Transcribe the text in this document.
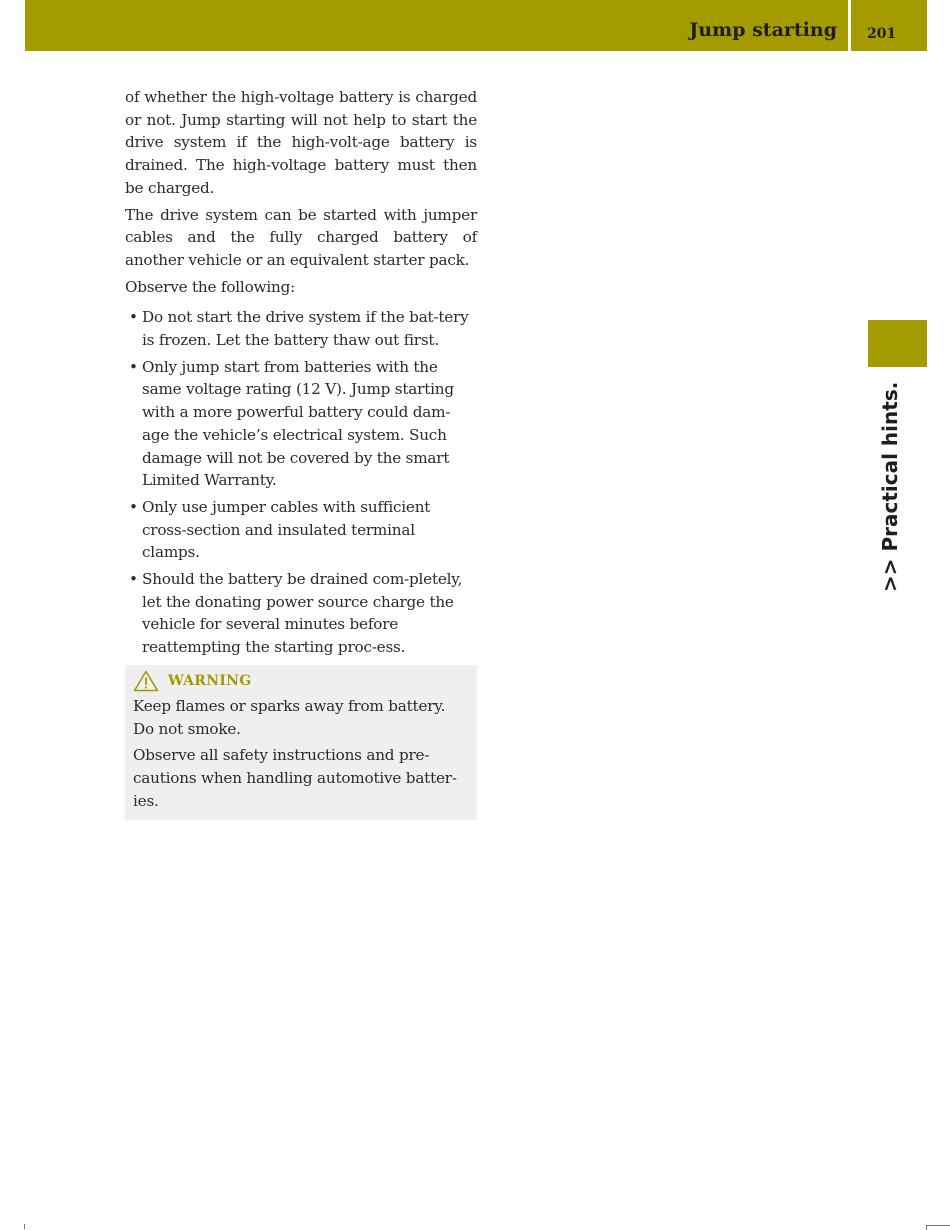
Jump starting 201
>> Practical hints.

of whether the high-voltage battery is charged or not. Jump starting will not help to start the drive system if the high-volt-age battery is drained. The high-voltage battery must then be charged.

The drive system can be started with jumper cables and the fully charged battery of another vehicle or an equivalent starter pack.

Observe the following:

• Do not start the drive system if the bat-tery is frozen. Let the battery thaw out first.
• Only jump start from batteries with the same voltage rating (12 V). Jump starting with a more powerful battery could dam-age the vehicle’s electrical system. Such damage will not be covered by the smart Limited Warranty.
• Only use jumper cables with sufficient cross-section and insulated terminal clamps.
• Should the battery be drained com-pletely, let the donating power source charge the vehicle for several minutes before reattempting the starting proc-ess.
WARNING

Keep flames or sparks away from battery. Do not smoke.

Observe all safety instructions and pre-cautions when handling automotive batter-ies.
